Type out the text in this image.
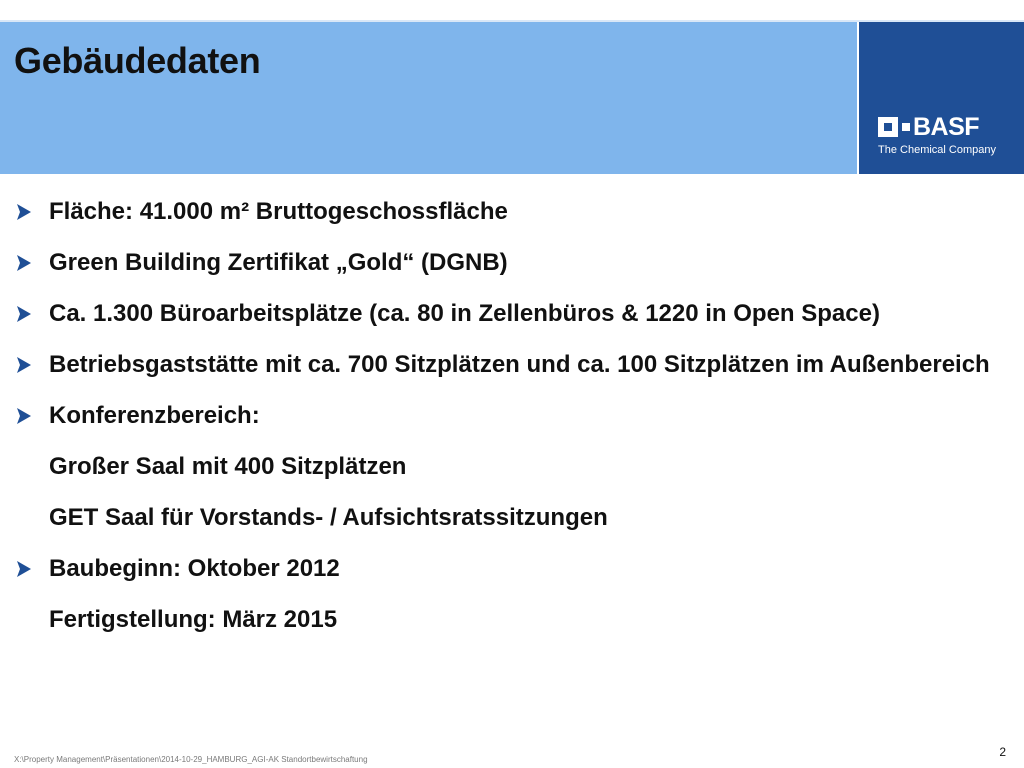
Gebäudedaten
BASF
The Chemical Company
Fläche: 41.000 m² Bruttogeschossfläche
Green Building Zertifikat „Gold“ (DGNB)
Ca. 1.300 Büroarbeitsplätze (ca. 80 in Zellenbüros & 1220 in Open Space)
Betriebsgaststätte mit ca. 700 Sitzplätzen und ca. 100 Sitzplätzen im Außenbereich
Konferenzbereich:
Großer Saal mit 400 Sitzplätzen
GET Saal für Vorstands- / Aufsichtsratssitzungen
Baubeginn: Oktober 2012
Fertigstellung: März 2015
X:\Property Management\Präsentationen\2014-10-29_HAMBURG_AGI-AK Standortbewirtschaftung
2
